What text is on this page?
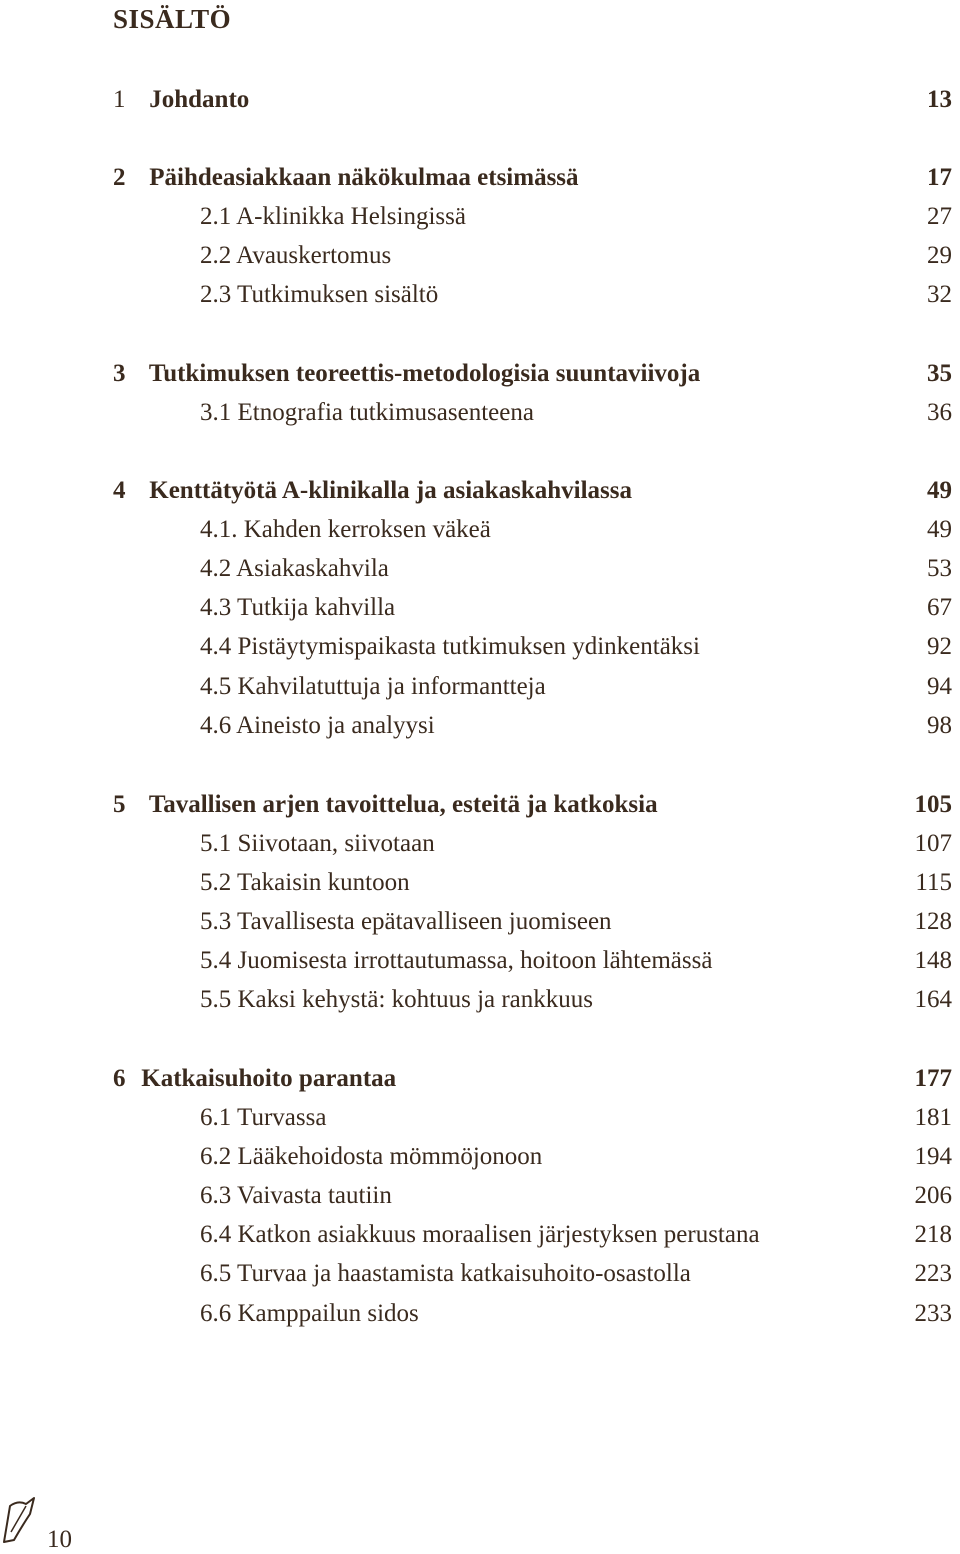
SISÄLTÖ
1 Johdanto	13
2 Päihdeasiakkaan näkökulmaa etsimässä	17
2.1 A-klinikka Helsingissä	27
2.2 Avauskertomus	29
2.3 Tutkimuksen sisältö	32
3 Tutkimuksen teoreettis-metodologisia suuntaviivoja	35
3.1 Etnografia tutkimusasenteena	36
4 Kenttätyötä A-klinikalla ja asiakaskahvilassa	49
4.1. Kahden kerroksen väkeä	49
4.2 Asiakaskahvila	53
4.3 Tutkija kahvilla	67
4.4 Pistäytymispaikasta tutkimuksen ydinkentäksi	92
4.5 Kahvilatuttuja ja informantteja	94
4.6 Aineisto ja analyysi	98
5 Tavallisen arjen tavoittelua, esteitä ja katkoksia	105
5.1 Siivotaan, siivotaan	107
5.2 Takaisin kuntoon	115
5.3 Tavallisesta epätavalliseen juomiseen	128
5.4 Juomisesta irrottautumassa, hoitoon lähtemässä	148
5.5 Kaksi kehystä: kohtuus ja rankkuus	164
6 Katkaisuhoito parantaa	177
6.1 Turvassa	181
6.2 Lääkehoidosta mömmöjonoon	194
6.3 Vaivasta tautiin	206
6.4 Katkon asiakkuus moraalisen järjestyksen perustana	218
6.5 Turvaa ja haastamista katkaisuhoito-osastolla	223
6.6 Kamppailun sidos	233
10
